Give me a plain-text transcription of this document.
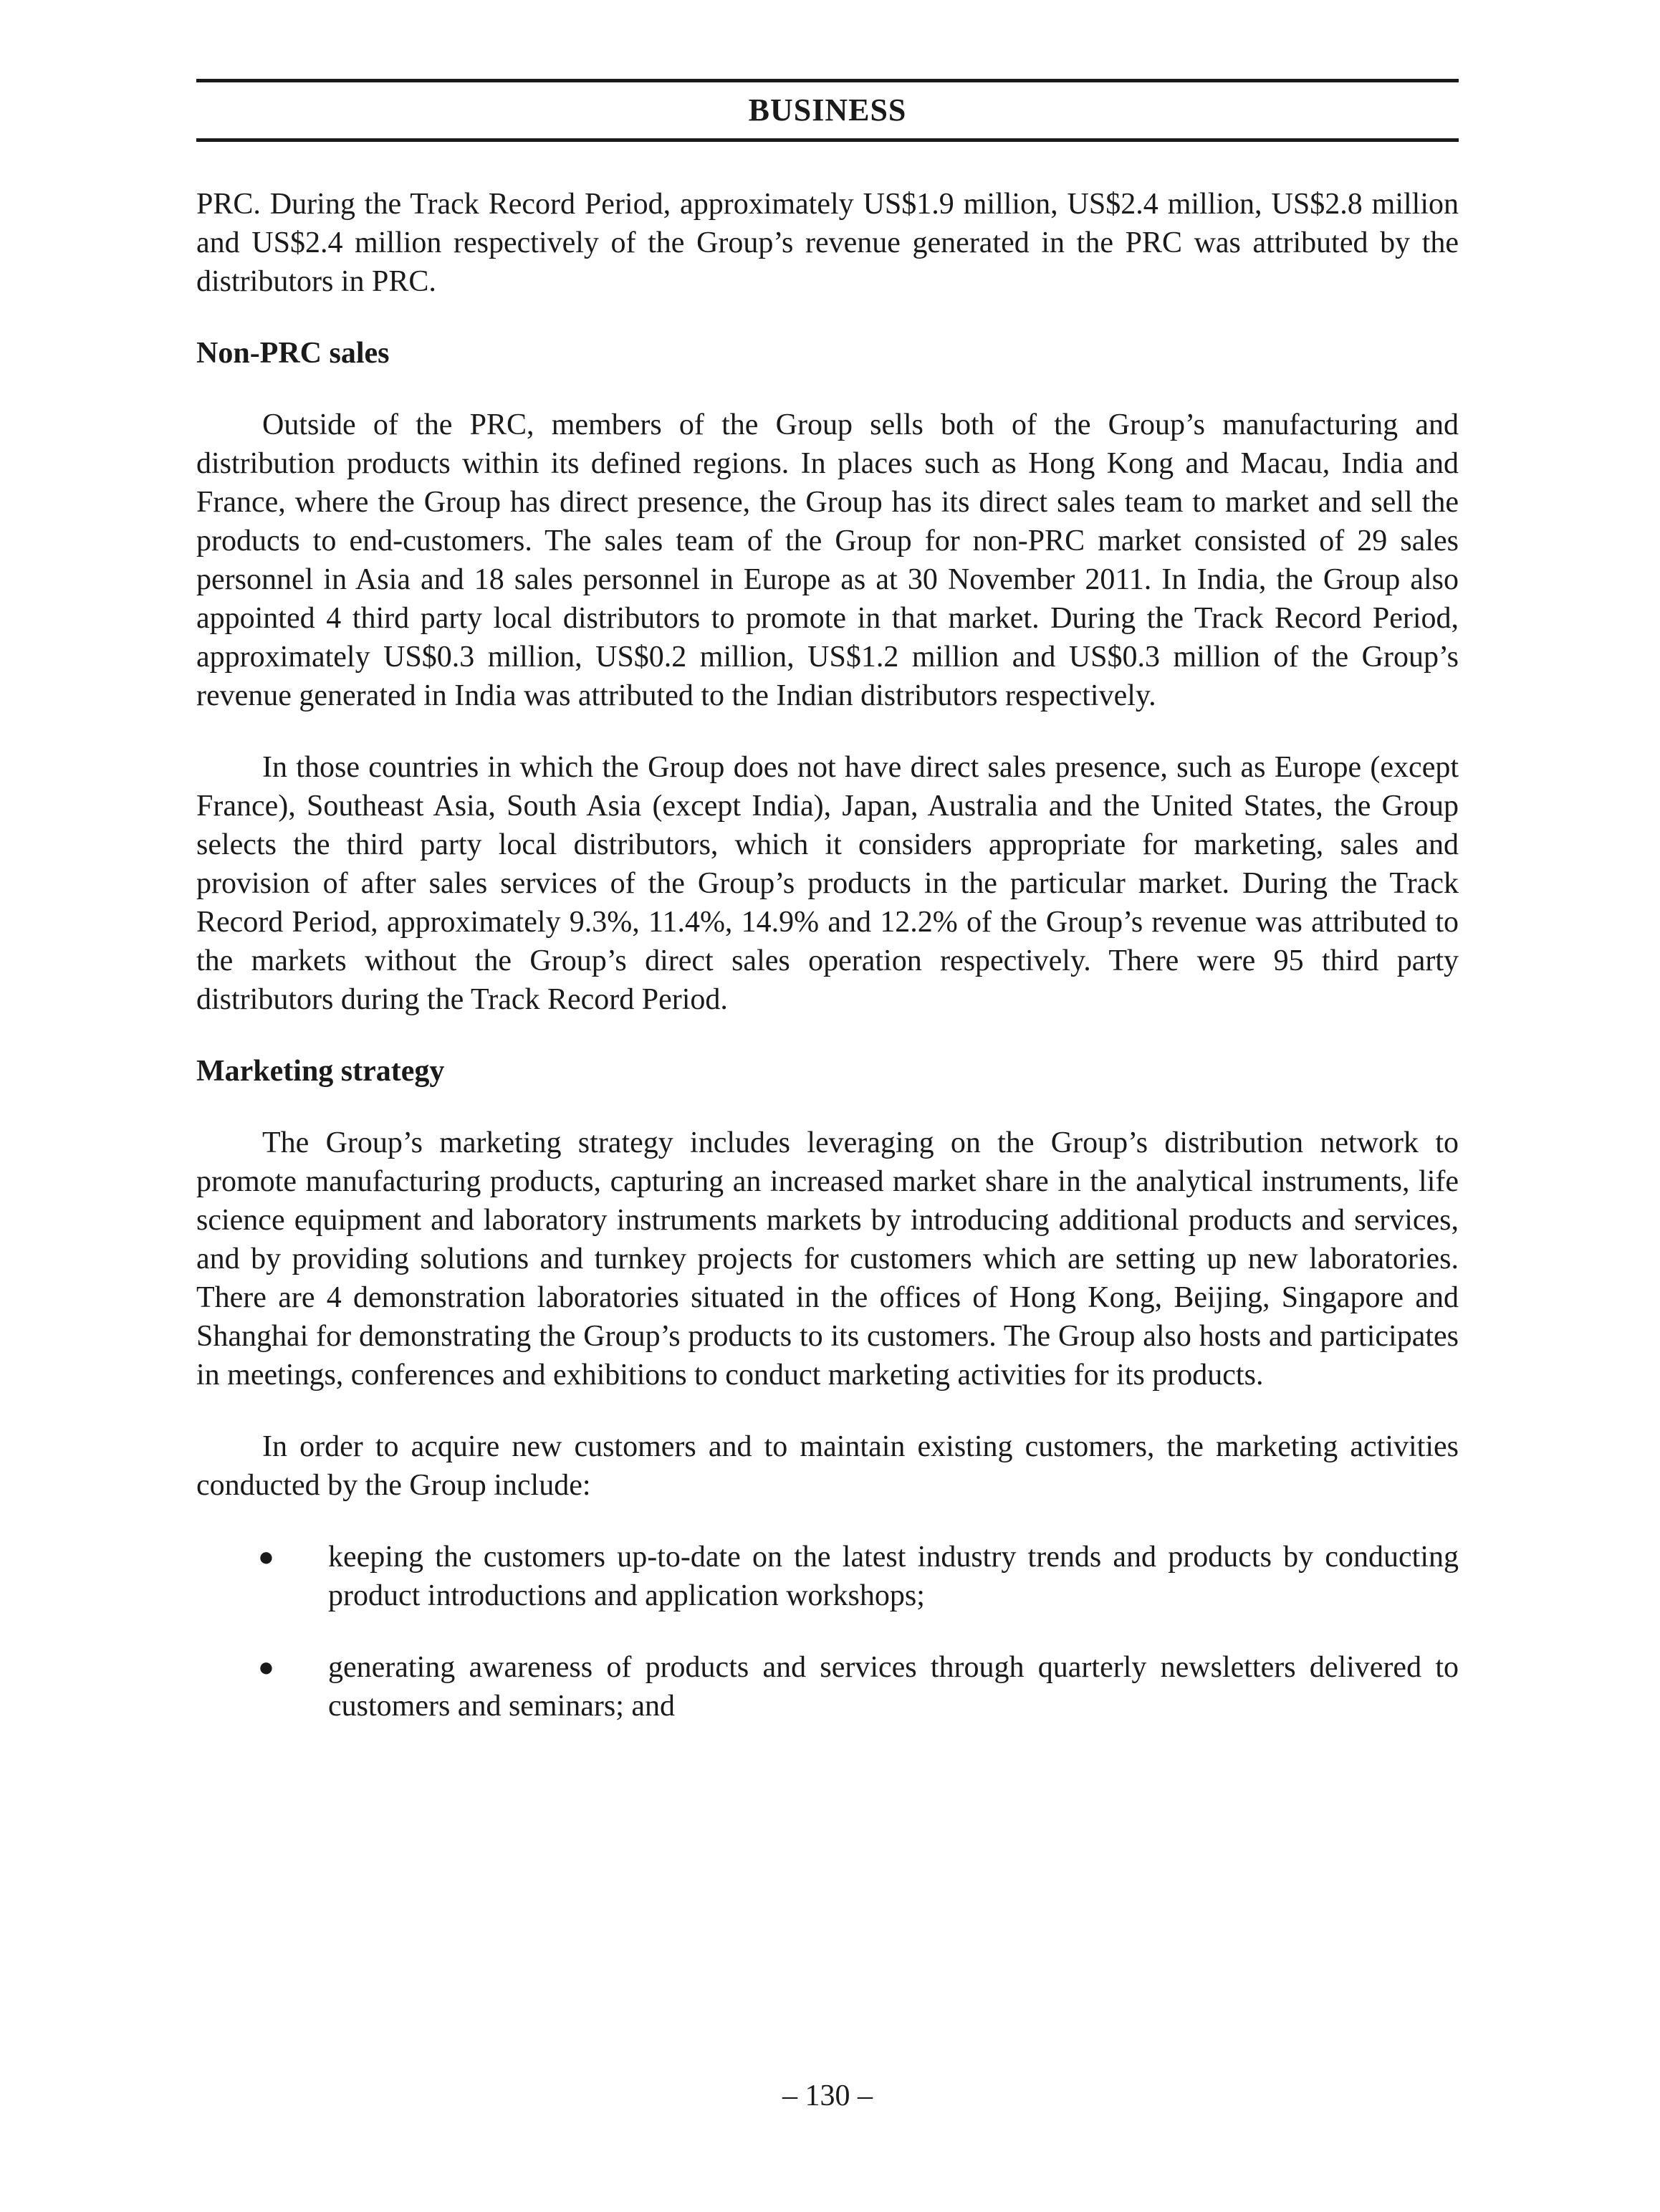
BUSINESS

PRC. During the Track Record Period, approximately US$1.9 million, US$2.4 million, US$2.8 million and US$2.4 million respectively of the Group’s revenue generated in the PRC was attributed by the distributors in PRC.

Non-PRC sales

Outside of the PRC, members of the Group sells both of the Group’s manufacturing and distribution products within its defined regions. In places such as Hong Kong and Macau, India and France, where the Group has direct presence, the Group has its direct sales team to market and sell the products to end-customers. The sales team of the Group for non-PRC market consisted of 29 sales personnel in Asia and 18 sales personnel in Europe as at 30 November 2011. In India, the Group also appointed 4 third party local distributors to promote in that market. During the Track Record Period, approximately US$0.3 million, US$0.2 million, US$1.2 million and US$0.3 million of the Group’s revenue generated in India was attributed to the Indian distributors respectively.

In those countries in which the Group does not have direct sales presence, such as Europe (except France), Southeast Asia, South Asia (except India), Japan, Australia and the United States, the Group selects the third party local distributors, which it considers appropriate for marketing, sales and provision of after sales services of the Group’s products in the particular market. During the Track Record Period, approximately 9.3%, 11.4%, 14.9% and 12.2% of the Group’s revenue was attributed to the markets without the Group’s direct sales operation respectively. There were 95 third party distributors during the Track Record Period.

Marketing strategy

The Group’s marketing strategy includes leveraging on the Group’s distribution network to promote manufacturing products, capturing an increased market share in the analytical instruments, life science equipment and laboratory instruments markets by introducing additional products and services, and by providing solutions and turnkey projects for customers which are setting up new laboratories. There are 4 demonstration laboratories situated in the offices of Hong Kong, Beijing, Singapore and Shanghai for demonstrating the Group’s products to its customers. The Group also hosts and participates in meetings, conferences and exhibitions to conduct marketing activities for its products.

In order to acquire new customers and to maintain existing customers, the marketing activities conducted by the Group include:

● keeping the customers up-to-date on the latest industry trends and products by conducting product introductions and application workshops;
● generating awareness of products and services through quarterly newsletters delivered to customers and seminars; and
– 130 –
